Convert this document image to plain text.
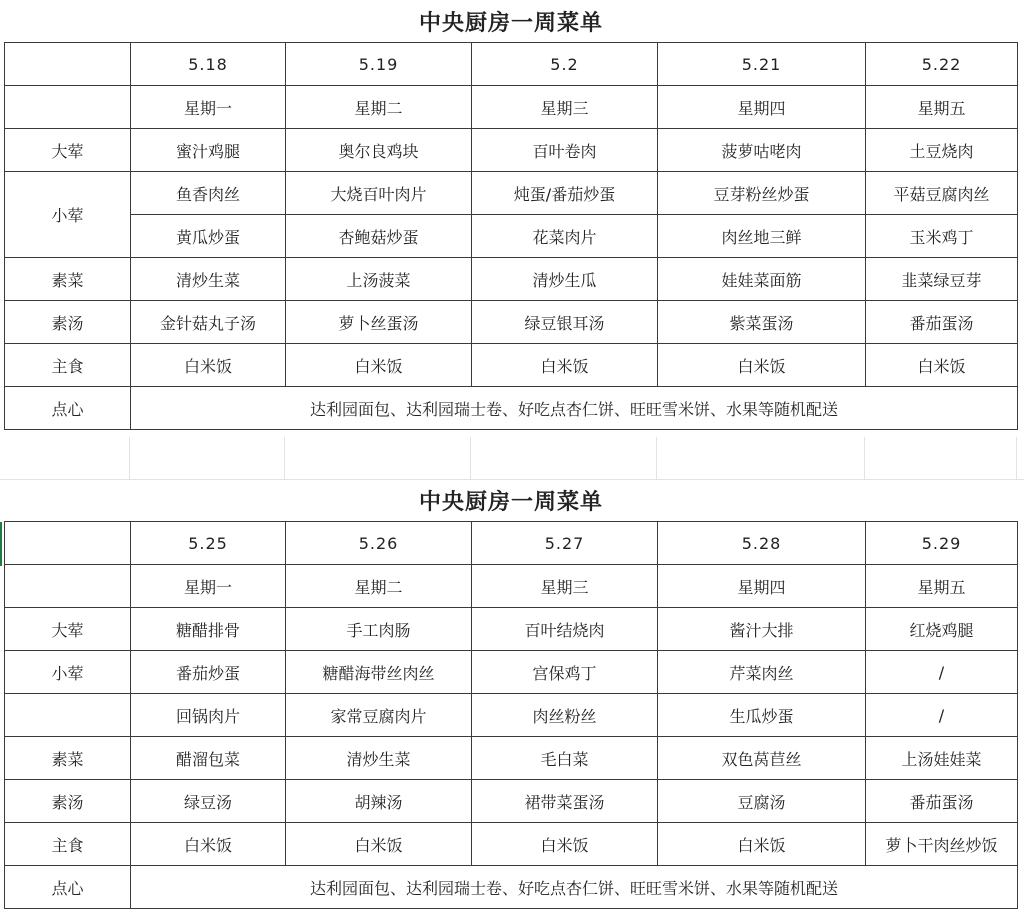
中央厨房一周菜单					
	5.18	5.19	5.2	5.21	5.22
	星期一	星期二	星期三	星期四	星期五
大荤	蜜汁鸡腿	奥尔良鸡块	百叶卷肉	菠萝咕咾肉	土豆烧肉
小荤	鱼香肉丝	大烧百叶肉片	炖蛋/番茄炒蛋	豆芽粉丝炒蛋	平菇豆腐肉丝
	黄瓜炒蛋	杏鲍菇炒蛋	花菜肉片	肉丝地三鲜	玉米鸡丁
素菜	清炒生菜	上汤菠菜	清炒生瓜	娃娃菜面筋	韭菜绿豆芽
素汤	金针菇丸子汤	萝卜丝蛋汤	绿豆银耳汤	紫菜蛋汤	番茄蛋汤
主食	白米饭	白米饭	白米饭	白米饭	白米饭
点心	达利园面包、达利园瑞士卷、好吃点杏仁饼、旺旺雪米饼、水果等随机配送				
中央厨房一周菜单					
	5.25	5.26	5.27	5.28	5.29
	星期一	星期二	星期三	星期四	星期五
大荤	糖醋排骨	手工肉肠	百叶结烧肉	酱汁大排	红烧鸡腿
小荤	番茄炒蛋	糖醋海带丝肉丝	宫保鸡丁	芹菜肉丝	/
	回锅肉片	家常豆腐肉片	肉丝粉丝	生瓜炒蛋	/
素菜	醋溜包菜	清炒生菜	毛白菜	双色莴苣丝	上汤娃娃菜
素汤	绿豆汤	胡辣汤	裙带菜蛋汤	豆腐汤	番茄蛋汤
主食	白米饭	白米饭	白米饭	白米饭	萝卜干肉丝炒饭
点心	达利园面包、达利园瑞士卷、好吃点杏仁饼、旺旺雪米饼、水果等随机配送				
